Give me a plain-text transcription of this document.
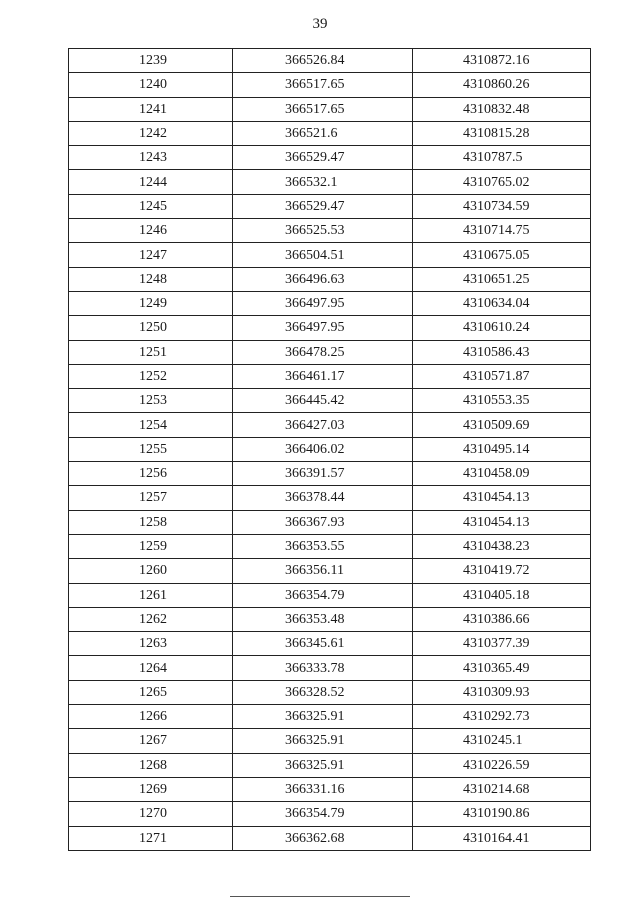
39
1239	366526.84	4310872.16
1240	366517.65	4310860.26
1241	366517.65	4310832.48
1242	366521.6	4310815.28
1243	366529.47	4310787.5
1244	366532.1	4310765.02
1245	366529.47	4310734.59
1246	366525.53	4310714.75
1247	366504.51	4310675.05
1248	366496.63	4310651.25
1249	366497.95	4310634.04
1250	366497.95	4310610.24
1251	366478.25	4310586.43
1252	366461.17	4310571.87
1253	366445.42	4310553.35
1254	366427.03	4310509.69
1255	366406.02	4310495.14
1256	366391.57	4310458.09
1257	366378.44	4310454.13
1258	366367.93	4310454.13
1259	366353.55	4310438.23
1260	366356.11	4310419.72
1261	366354.79	4310405.18
1262	366353.48	4310386.66
1263	366345.61	4310377.39
1264	366333.78	4310365.49
1265	366328.52	4310309.93
1266	366325.91	4310292.73
1267	366325.91	4310245.1
1268	366325.91	4310226.59
1269	366331.16	4310214.68
1270	366354.79	4310190.86
1271	366362.68	4310164.41
